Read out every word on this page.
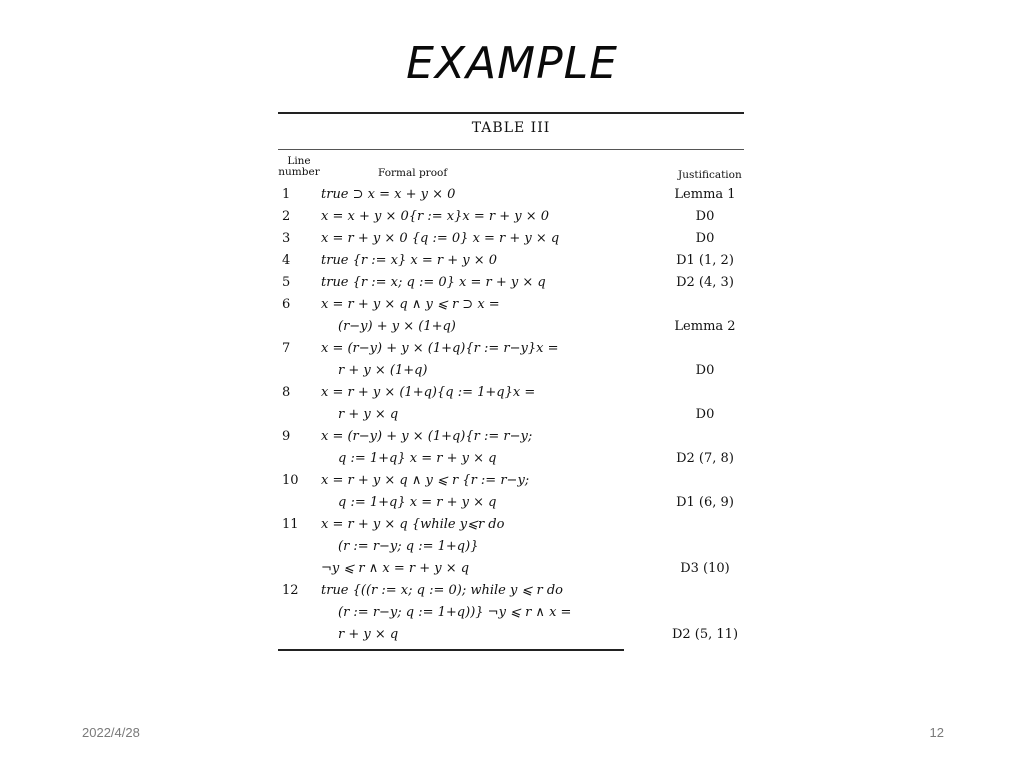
EXAMPLE
TABLE III
Line number	Formal proof	Justification
1	true ⊃ x = x + y × 0	Lemma 1
2	x = x + y × 0{r := x}x = r + y × 0	D0
3	x = r + y × 0 {q := 0} x = r + y × q	D0
4	true {r := x} x = r + y × 0	D1 (1, 2)
5	true {r := x; q := 0} x = r + y × q	D2 (4, 3)
6	x = r + y × q ∧ y ⩽ r ⊃ x =
(r−y) + y × (1+q)	Lemma 2
7	x = (r−y) + y × (1+q){r := r−y}x =
r + y × (1+q)	D0
8	x = r + y × (1+q){q := 1+q}x =
r + y × q	D0
9	x = (r−y) + y × (1+q){r := r−y;
q := 1+q} x = r + y × q	D2 (7, 8)
10	x = r + y × q ∧ y ⩽ r {r := r−y;
q := 1+q} x = r + y × q	D1 (6, 9)
11	x = r + y × q {while y⩽r do
(r := r−y; q := 1+q)}
¬y ⩽ r ∧ x = r + y × q	D3 (10)
12	true {((r := x; q := 0); while y ⩽ r do
(r := r−y; q := 1+q))} ¬y ⩽ r ∧ x =
r + y × q	D2 (5, 11)
2022/4/28	12
